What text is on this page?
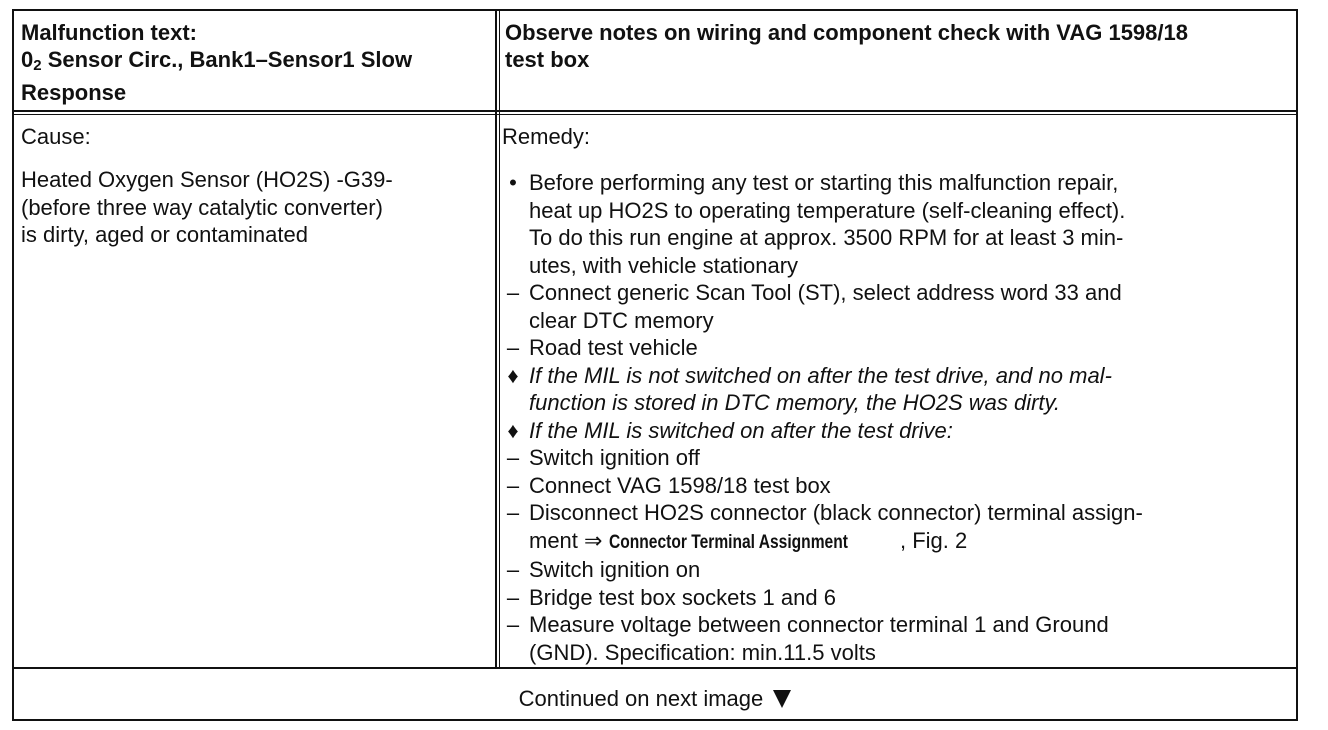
Malfunction text:
$0_2$ Sensor Circ., Bank1–Sensor1 Slow
Response
Observe notes on wiring and component check with VAG 1598/18
test box
Cause:
Heated Oxygen Sensor (HO2S) -G39-
(before three way catalytic converter)
is dirty, aged or contaminated
Remedy:
• Before performing any test or starting this malfunction repair,
heat up HO2S to operating temperature (self-cleaning effect).
To do this run engine at approx. 3500 RPM for at least 3 min-
utes, with vehicle stationary
– Connect generic Scan Tool (ST), select address word 33 and
clear DTC memory
– Road test vehicle
♦ If the MIL is not switched on after the test drive, and no mal-
function is stored in DTC memory, the HO2S was dirty.
♦ If the MIL is switched on after the test drive:
– Switch ignition off
– Connect VAG 1598/18 test box
– Disconnect HO2S connector (black connector) terminal assign-
ment ⇒ Connector Terminal Assignment , Fig. 2
– Switch ignition on
– Bridge test box sockets 1 and 6
– Measure voltage between connector terminal 1 and Ground
(GND). Specification: min.11.5 volts
Continued on next image
